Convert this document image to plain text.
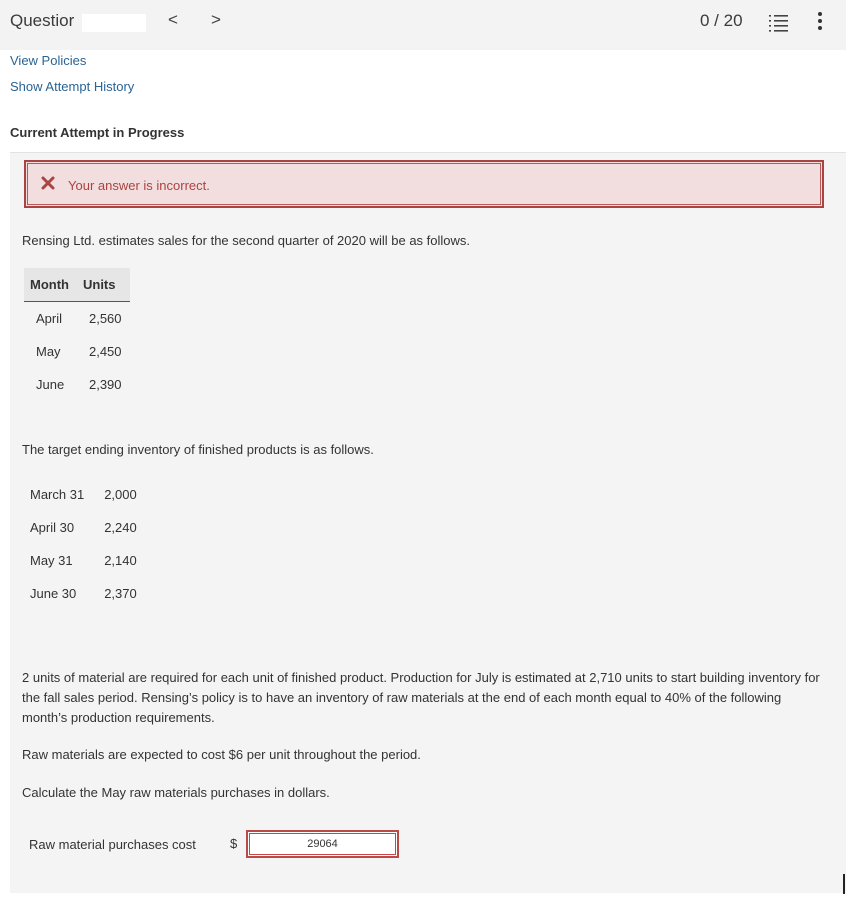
Questior	< >	0 / 20
View Policies
Show Attempt History
Current Attempt in Progress
Your answer is incorrect.
Rensing Ltd. estimates sales for the second quarter of 2020 will be as follows.
Month	Units
April	2,560
May	2,450
June	2,390
The target ending inventory of finished products is as follows.
March 31	2,000
April 30	2,240
May 31	2,140
June 30	2,370
2 units of material are required for each unit of finished product. Production for July is estimated at 2,710 units to start building inventory for the fall sales period. Rensing’s policy is to have an inventory of raw materials at the end of each month equal to 40% of the following month’s production requirements.
Raw materials are expected to cost $6 per unit throughout the period.
Calculate the May raw materials purchases in dollars.
Raw material purchases cost	$
29064
